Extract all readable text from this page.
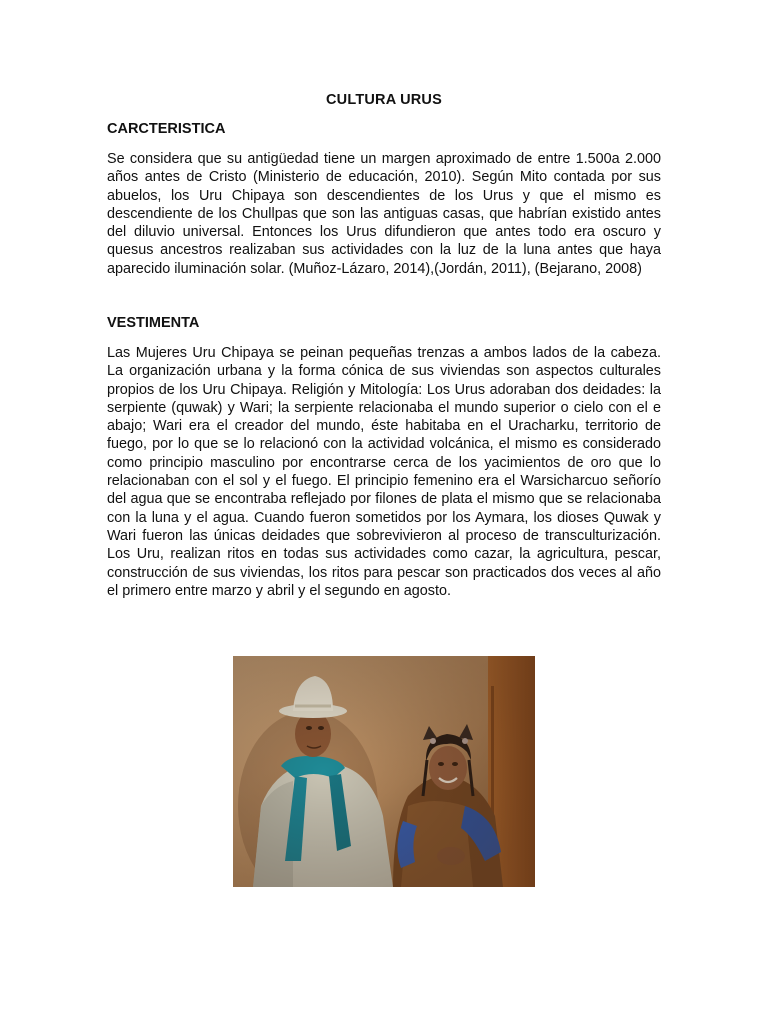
CULTURA URUS
CARCTERISTICA

Se considera que su antigüedad tiene un margen aproximado de entre 1.500a 2.000 años antes de Cristo (Ministerio de educación, 2010). Según Mito contada por sus abuelos, los Uru Chipaya son descendientes de los Urus y que el mismo es descendiente de los Chullpas que son las antiguas casas, que habrían existido antes del diluvio universal. Entonces los Urus difundieron que antes todo era oscuro y quesus ancestros realizaban sus actividades con la luz de la luna antes que haya aparecido iluminación solar. (Muñoz-Lázaro, 2014),(Jordán, 2011), (Bejarano, 2008)

VESTIMENTA

Las Mujeres Uru Chipaya se peinan pequeñas trenzas a ambos lados de la cabeza. La organización urbana y la forma cónica de sus viviendas son aspectos culturales propios de los Uru Chipaya. Religión y Mitología: Los Urus adoraban dos deidades: la serpiente (quwak) y Wari; la serpiente relacionaba el mundo superior o cielo con el e abajo; Wari era el creador del mundo, éste habitaba en el Uracharku, territorio de fuego, por lo que se lo relacionó con la actividad volcánica, el mismo es considerado como principio masculino por encontrarse cerca de los yacimientos de oro que lo relacionaban con el sol y el fuego. El principio femenino era el Warsicharcuo señorío del agua que se encontraba reflejado por filones de plata el mismo que se relacionaba con la luna y el agua. Cuando fueron sometidos por los Aymara, los dioses Quwak y Wari fueron las únicas deidades que sobrevivieron al proceso de transculturización. Los Uru, realizan ritos en todas sus actividades como cazar, la agricultura, pescar, construcción de sus viviendas, los ritos para pescar son practicados dos veces al año el primero entre marzo y abril y el segundo en agosto.
